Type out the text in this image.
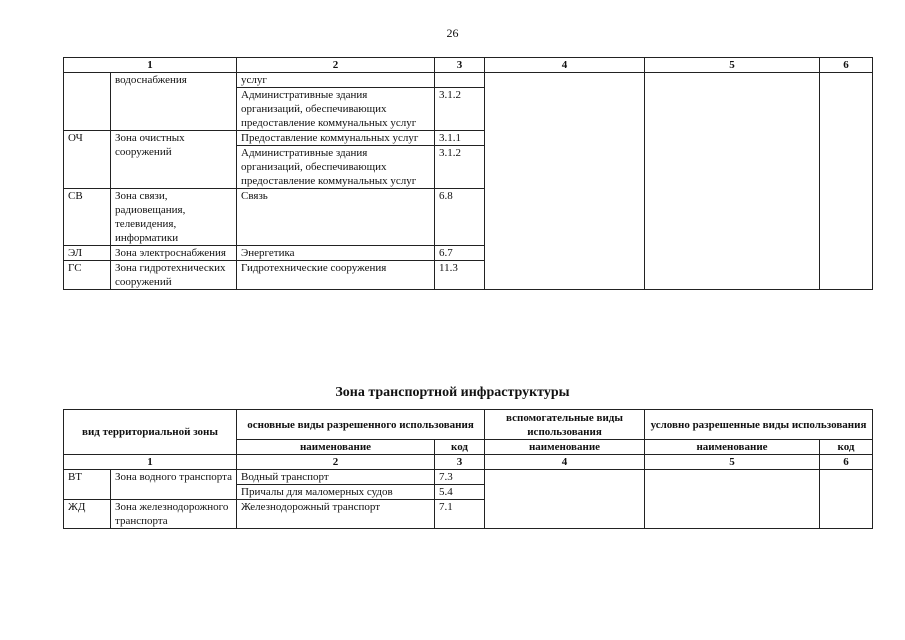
26
1		2	3	4	5	6
	водоснабжения	услуг				
		Административные здания организаций, обеспечивающих предоставление коммунальных услуг	3.1.2			
ОЧ	Зона очистных сооружений	Предоставление коммунальных услуг	3.1.1			
		Административные здания организаций, обеспечивающих предоставление коммунальных услуг	3.1.2			
СВ	Зона связи, радиовещания, телевидения, информатики	Связь	6.8			
ЭЛ	Зона электроснабжения	Энергетика	6.7			
ГС	Зона гидротехнических сооружений	Гидротехнические сооружения	11.3			
Зона транспортной инфраструктуры
вид территориальной зоны		основные виды разрешенного использования		вспомогательные виды использования	условно разрешенные виды использования	
		наименование	код	наименование	наименование	код
1		2	3	4	5	6
ВТ	Зона водного транспорта	Водный транспорт	7.3			
		Причалы для маломерных судов	5.4			
ЖД	Зона железнодорожного транспорта	Железнодорожный транспорт	7.1			
